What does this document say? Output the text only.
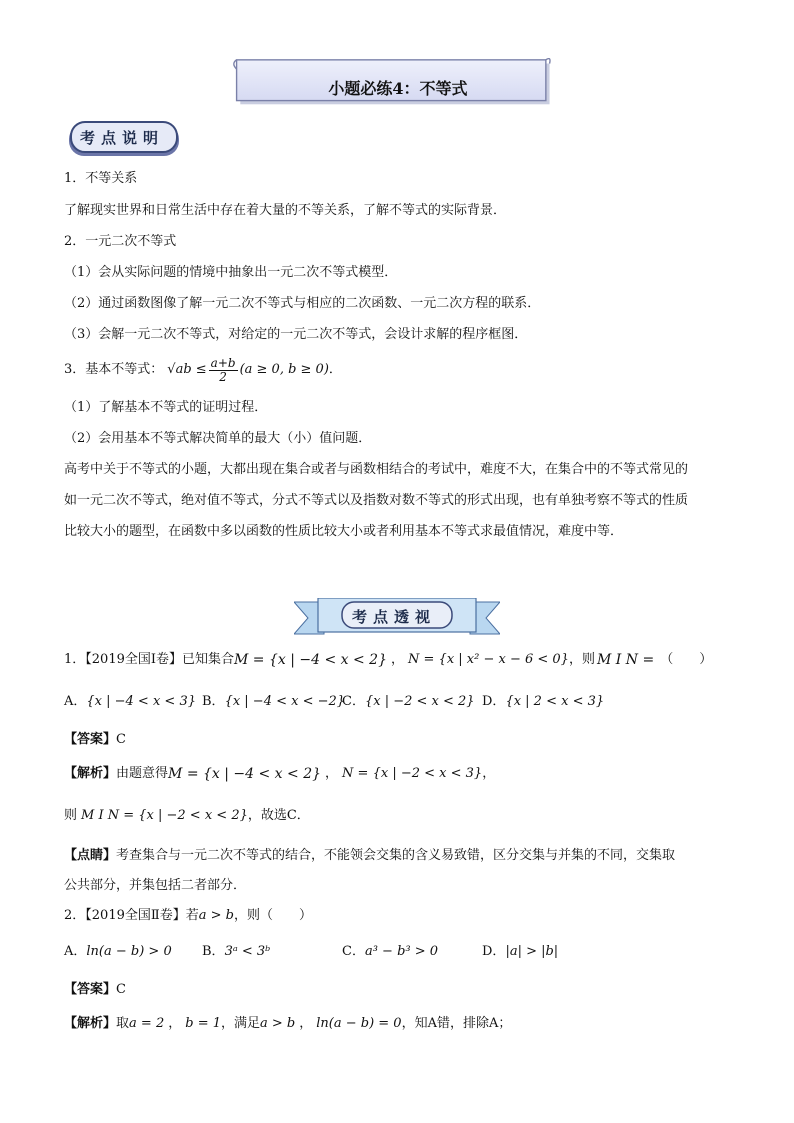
小题必练4：不等式
考点说明
1．不等关系
了解现实世界和日常生活中存在着大量的不等关系，了解不等式的实际背景．
2．一元二次不等式
（1）会从实际问题的情境中抽象出一元二次不等式模型．
（2）通过函数图像了解一元二次不等式与相应的二次函数、一元二次方程的联系．
（3）会解一元二次不等式，对给定的一元二次不等式，会设计求解的程序框图．
3．基本不等式： $√ab \le \frac{a+b}{2} (a \ge 0$, b ≥ 0) ．
（1）了解基本不等式的证明过程．
（2）会用基本不等式解决简单的最大（小）值问题．
高考中关于不等式的小题，大都出现在集合或者与函数相结合的考试中，难度不大，在集合中的不等式常见的
如一元二次不等式，绝对值不等式，分式不等式以及指数对数不等式的形式出现，也有单独考察不等式的性质
比较大小的题型，在函数中多以函数的性质比较大小或者利用基本不等式求最值情况，难度中等．
考点透视
1．【2019全国Ⅰ卷】已知集合 M = {x | −4 < x < 2} ， N = {x | x² − x − 6 < 0} ，则 M I N = （　　）
A．{x | −4 < x < 3} B．{x | −4 < x < −2}
C．{x | −2 < x < 2} D．{x | 2 < x < 3}
【答案】C
【解析】 由题意得 M = {x | −4 < x < 2} ， N = {x | −2 < x < 3} ，
则 M I N = {x | −2 < x < 2} ，故选C．
【点睛】考查集合与一元二次不等式的结合，不能领会交集的含义易致错，区分交集与并集的不同，交集取
公共部分，并集包括二者部分．
2．【2019全国Ⅱ卷】若 a > b ，则（　　）
A．ln(a − b) > 0 B．3ᵃ < 3ᵇ	C．a³ − b³ > 0	D．|a| > |b|
【答案】C
【解析】 取 a = 2 ， b = 1 ，满足 a > b ， ln(a − b) = 0 ，知A错，排除A；
